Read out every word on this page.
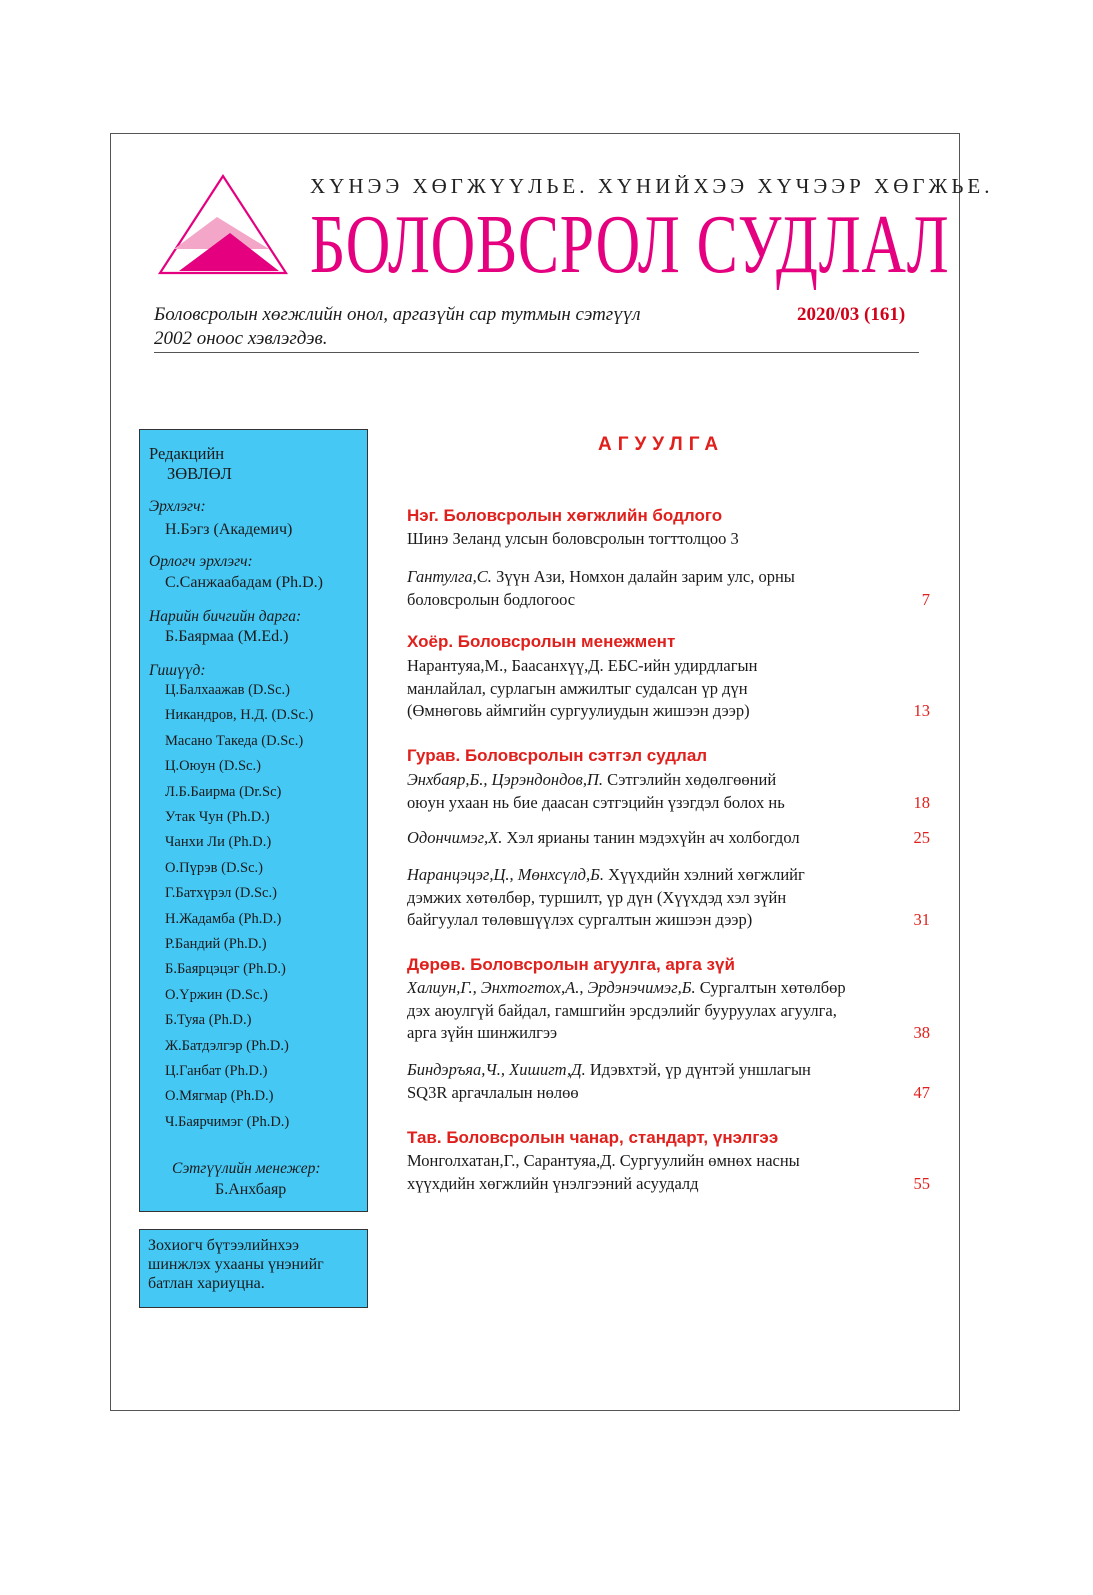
ХҮНЭЭ ХӨГЖҮҮЛЬЕ. ХҮНИЙХЭЭ ХҮЧЭЭР ХӨГЖЬЕ.
БОЛОВСРОЛ СУДЛАЛ
Боловсролын хөгжлийн онол, аргазүйн сар тутмын сэтгүүл
2002 оноос хэвлэгдэв.
2020/03 (161)
Редакцийн
ЗӨВЛӨЛ
Эрхлэгч:
Н.Бэгз (Академич)
Орлогч эрхлэгч:
С.Санжаабадам (Ph.D.)
Нарийн бичгийн дарга:
Б.Баярмаа (M.Ed.)
Гишүүд:
Ц.Балхаажав (D.Sc.)
Никандров, Н.Д. (D.Sc.)
Масано Такеда (D.Sc.)
Ц.Оюун (D.Sc.)
Л.Б.Баирма (Dr.Sc)
Утак Чун (Ph.D.)
Чанхи Ли (Ph.D.)
О.Пүрэв (D.Sc.)
Г.Батхүрэл (D.Sc.)
Н.Жадамба (Ph.D.)
Р.Бандий (Ph.D.)
Б.Баярцэцэг (Ph.D.)
О.Үржин (D.Sc.)
Б.Туяа (Ph.D.)
Ж.Батдэлгэр (Ph.D.)
Ц.Ганбат (Ph.D.)
О.Мягмар (Ph.D.)
Ч.Баярчимэг (Ph.D.)
Сэтгүүлийн менежер:
Б.Анхбаяр
Зохиогч бүтээлийнхээ
шинжлэх ухааны үнэнийг
батлан хариуцна.
АГУУЛГА
Нэг. Боловсролын хөгжлийн бодлого
Шинэ Зеланд улсын боловсролын тогттолцоо 3
Гантулга,С. Зүүн Ази, Номхон далайн зарим улс, орны
боловсролын бодлогоос	7
Хоёр. Боловсролын менежмент
Нарантуяа,М., Баасанхүү,Д. ЕБС-ийн удирдлагын
манлайлал, сурлагын амжилтыг судалсан үр дүн
(Өмнөговь аймгийн сургуулиудын жишээн дээр)	13
Гурав. Боловсролын сэтгэл судлал
Энхбаяр,Б., Цэрэндондов,П. Сэтгэлийн хөдөлгөөний
оюун ухаан нь бие даасан сэтгэцийн үзэгдэл болох нь	18
Одончимэг,Х. Хэл ярианы танин мэдэхүйн ач холбогдол	25
Наранцэцэг,Ц., Мөнхсүлд,Б. Хүүхдийн хэлний хөгжлийг
дэмжих хөтөлбөр, туршилт, үр дүн (Хүүхдэд хэл зүйн
байгуулал төлөвшүүлэх сургалтын жишээн дээр)	31
Дөрөв. Боловсролын агуулга, арга зүй
Халиун,Г., Энхтогтох,А., Эрдэнэчимэг,Б. Сургалтын хөтөлбөр
дэх аюулгүй байдал, гамшгийн эрсдэлийг бууруулах агуулга,
арга зүйн шинжилгээ	38
Биндэръяа,Ч., Хишигт,Д. Идэвхтэй, үр дүнтэй уншлагын
SQ3R аргачлалын нөлөө	47
Тав. Боловсролын чанар, стандарт, үнэлгээ
Монголхатан,Г., Сарантуяа,Д. Сургуулийн өмнөх насны
хүүхдийн хөгжлийн үнэлгээний асуудалд	55
